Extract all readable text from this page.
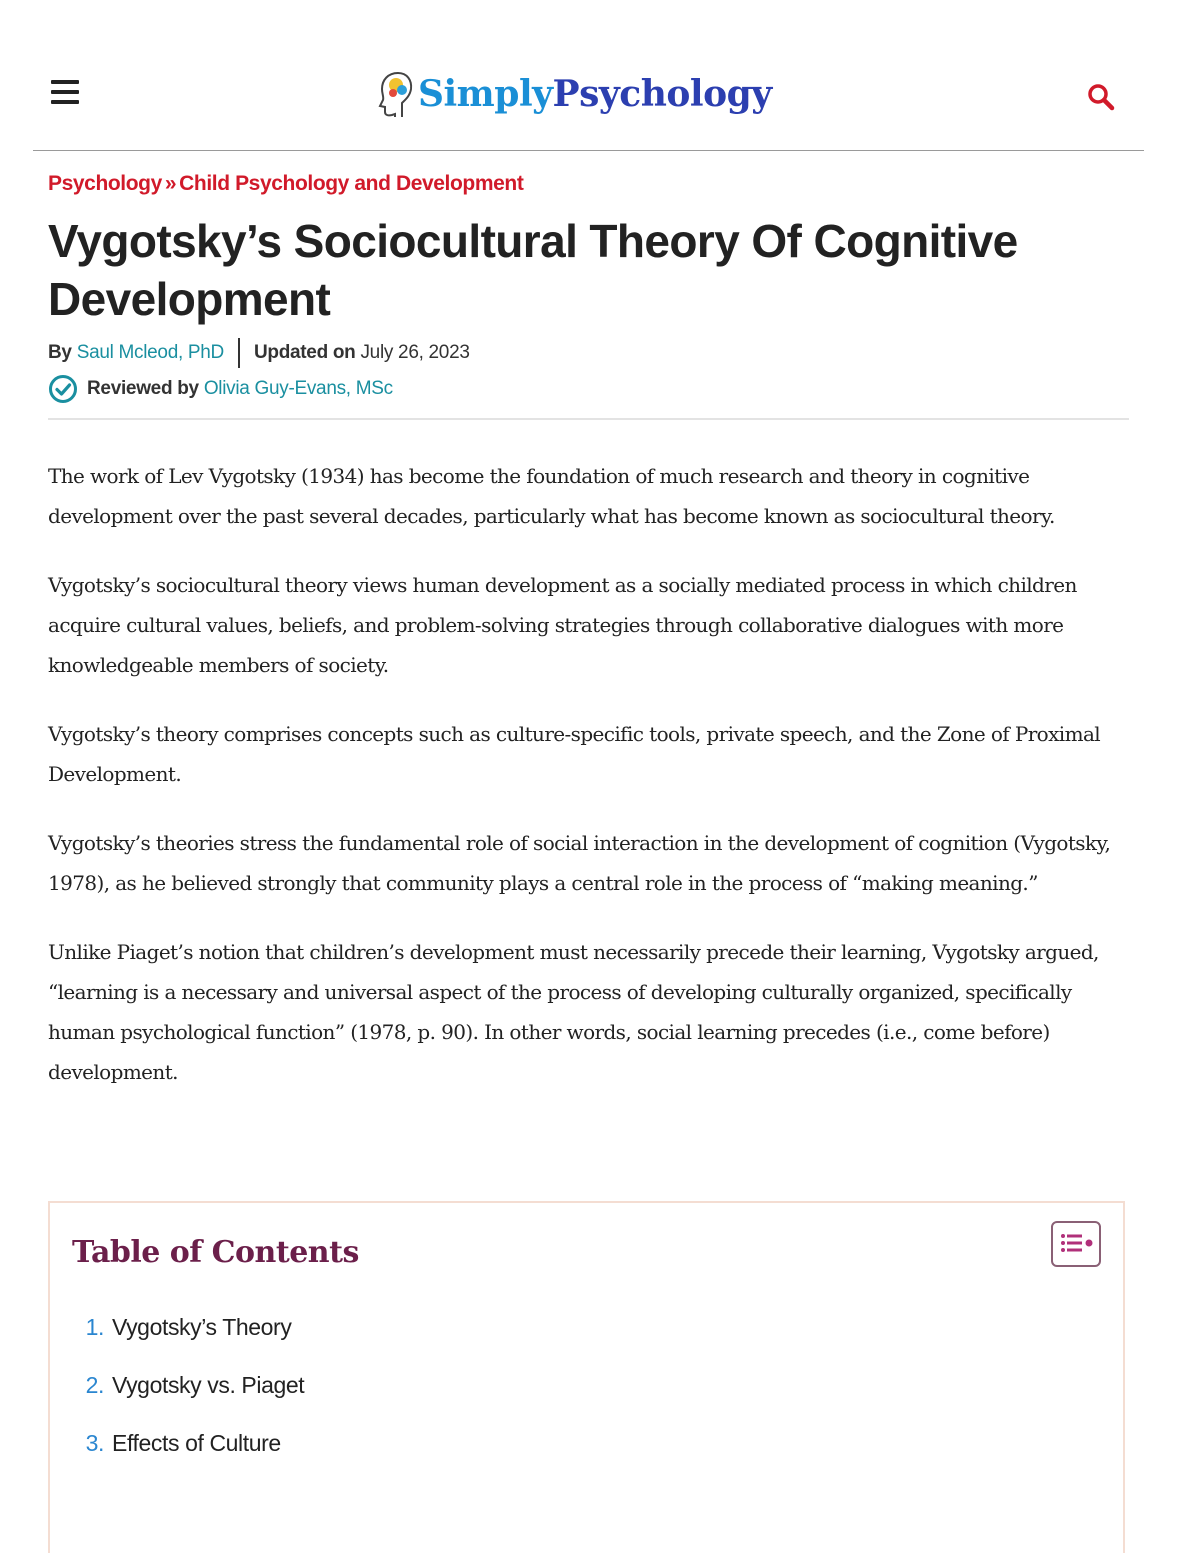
SimplyPsychology
Psychology » Child Psychology and Development
Vygotsky’s Sociocultural Theory Of Cognitive Development
By Saul Mcleod, PhD Updated on July 26, 2023
Reviewed by Olivia Guy-Evans, MSc

The work of Lev Vygotsky (1934) has become the foundation of much research and theory in cognitive development over the past several decades, particularly what has become known as sociocultural theory.

Vygotsky’s sociocultural theory views human development as a socially mediated process in which children acquire cultural values, beliefs, and problem-solving strategies through collaborative dialogues with more knowledgeable members of society.

Vygotsky’s theory comprises concepts such as culture-specific tools, private speech, and the Zone of Proximal Development.

Vygotsky’s theories stress the fundamental role of social interaction in the development of cognition (Vygotsky, 1978), as he believed strongly that community plays a central role in the process of “making meaning.”

Unlike Piaget’s notion that children’s development must necessarily precede their learning, Vygotsky argued, “learning is a necessary and universal aspect of the process of developing culturally organized, specifically human psychological function” (1978, p. 90). In other words, social learning precedes (i.e., come before) development.

Table of Contents
1. Vygotsky’s Theory
2. Vygotsky vs. Piaget
3. Effects of Culture
